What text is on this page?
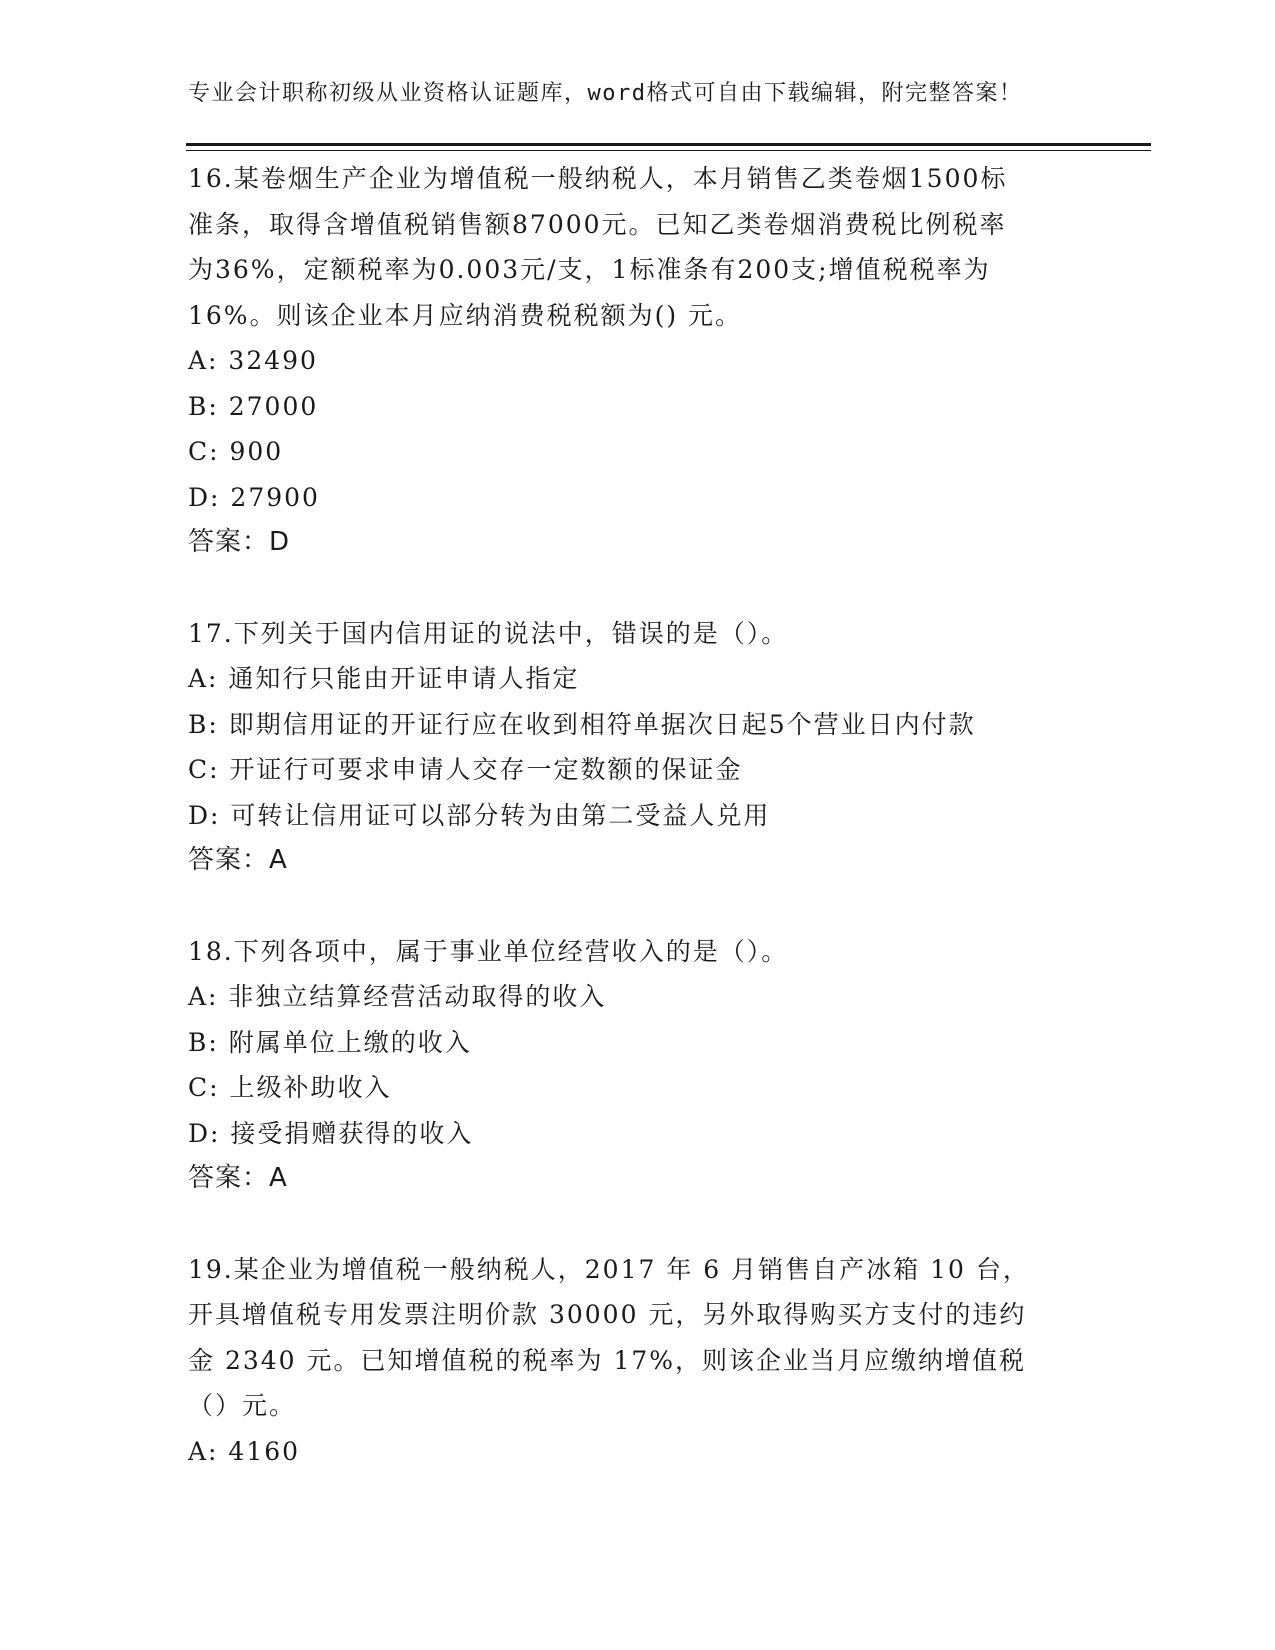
专业会计职称初级从业资格认证题库，word格式可自由下载编辑，附完整答案！
16.某卷烟生产企业为增值税一般纳税人，本月销售乙类卷烟1500标
准条，取得含增值税销售额87000元。已知乙类卷烟消费税比例税率
为36%，定额税率为0.003元/支，1标准条有200支;增值税税率为
16%。则该企业本月应纳消费税税额为() 元。
A: 32490
B: 27000
C: 900
D: 27900
答案：D
17.下列关于国内信用证的说法中，错误的是（）。
A: 通知行只能由开证申请人指定
B: 即期信用证的开证行应在收到相符单据次日起5个营业日内付款
C: 开证行可要求申请人交存一定数额的保证金
D: 可转让信用证可以部分转为由第二受益人兑用
答案：A
18.下列各项中，属于事业单位经营收入的是（）。
A: 非独立结算经营活动取得的收入
B: 附属单位上缴的收入
C: 上级补助收入
D: 接受捐赠获得的收入
答案：A
19.某企业为增值税一般纳税人，2017 年 6 月销售自产冰箱 10 台，
开具增值税专用发票注明价款 30000 元，另外取得购买方支付的违约
金 2340 元。已知增值税的税率为 17%，则该企业当月应缴纳增值税
（）元。
A: 4160
